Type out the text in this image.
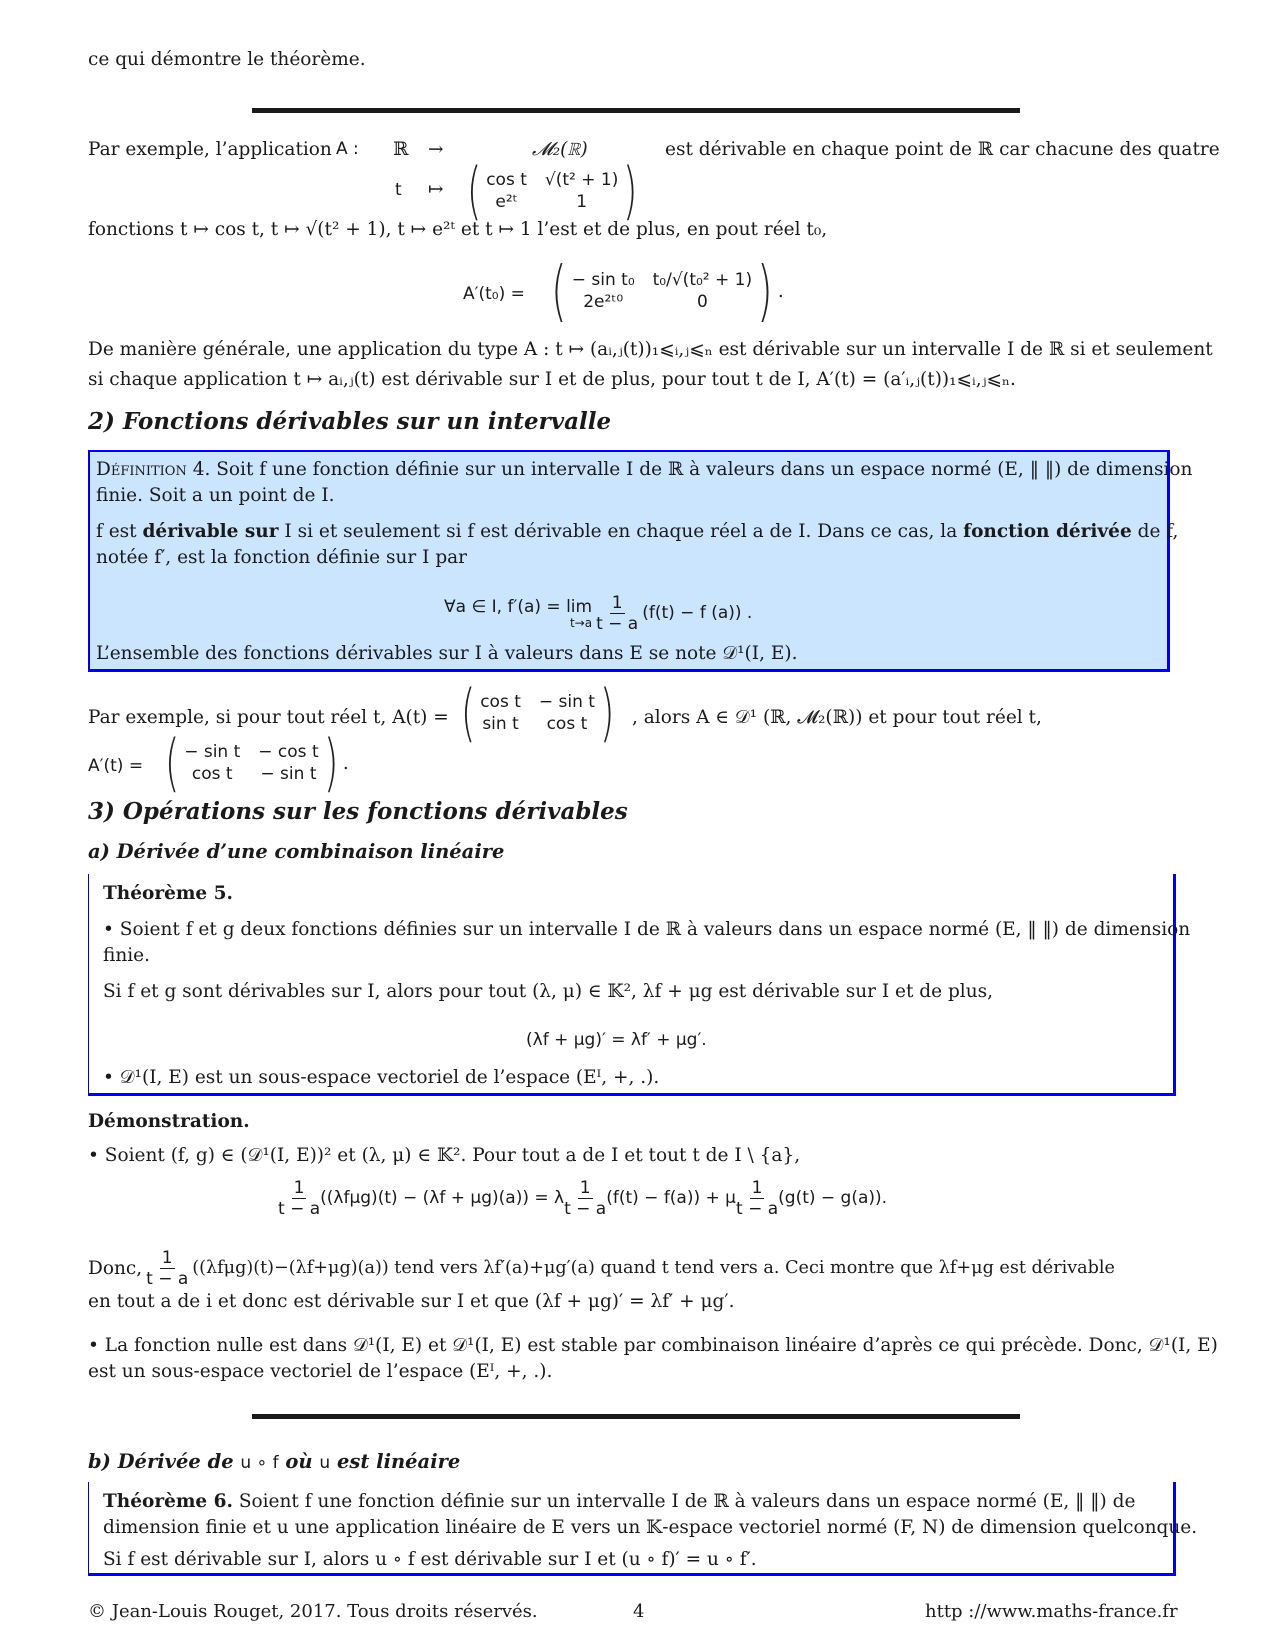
ce qui démontre le théorème.
Par exemple, l’application A : ℝ →	𝓜₂(ℝ)	est dérivable en chaque point de ℝ car chacune des quatre
t ↦ ( cos t √(t² + 1)
e²ᵗ	1 )
fonctions t ↦ cos t, t ↦ √(t² + 1), t ↦ e²ᵗ et t ↦ 1 l’est et de plus, en pout réel t₀,
A′(t₀) = ( − sin t₀ t₀/√(t₀² + 1)
2e²ᵗ⁰	0 ) .
De manière générale, une application du type A : t ↦ (aᵢ,ⱼ(t))₁⩽ᵢ,ⱼ⩽ₙ est dérivable sur un intervalle I de ℝ si et seulement
si chaque application t ↦ aᵢ,ⱼ(t) est dérivable sur I et de plus, pour tout t de I, A′(t) = (a′ᵢ,ⱼ(t))₁⩽ᵢ,ⱼ⩽ₙ.
2) Fonctions dérivables sur un intervalle
Définition 4. Soit f une fonction définie sur un intervalle I de ℝ à valeurs dans un espace normé (E, ‖ ‖) de dimension
finie. Soit a un point de I.
f est dérivable sur I si et seulement si f est dérivable en chaque réel a de I. Dans ce cas, la fonction dérivée de f,
notée f′, est la fonction définie sur I par
∀a ∈ I, f′(a) = lim
$t\to a \frac{1}{t - a} (f(t) - f$ (a)) .
L’ensemble des fonctions dérivables sur I à valeurs dans E se note 𝒟¹(I, E).
Par exemple, si pour tout réel t, A(t) = ( cos t − sin t
sin t	cos t ) , alors A ∈ 𝒟¹ (ℝ, 𝓜₂(ℝ)) et pour tout réel t,
A′(t) = ( − sin t − cos t
cos t	− sin t ) .
3) Opérations sur les fonctions dérivables
a) Dérivée d’une combinaison linéaire
Théorème 5.
• Soient f et g deux fonctions définies sur un intervalle I de ℝ à valeurs dans un espace normé (E, ‖ ‖) de dimension
finie.
Si f et g sont dérivables sur I, alors pour tout (λ, μ) ∈ 𝕂², λf + μg est dérivable sur I et de plus,
(λf + μg)′ = λf′ + μg′.
• 𝒟¹(I, E) est un sous-espace vectoriel de l’espace (Eᴵ, +, .).
Démonstration.
• Soient (f, g) ∈ (𝒟¹(I, E))² et (λ, μ) ∈ 𝕂². Pour tout a de I et tout t de I \ {a},
$\frac{1}{t - a} ((\lambda f\mu g)(t) - (\lambda f + \mu g)(a)) = \lambda \frac{1}{t - a} (f(t) - f(a)) + \mu \frac{1}{t - a} (g(t) - g(a))$.
Donc, $\frac{1}{t - a} ((\lambda f\mu g)(t)-(\lambda f+\mu g)(a))$ tend vers λf′(a)+μg′(a) quand t tend vers a. Ceci montre que λf+μg est dérivable
en tout a de i et donc est dérivable sur I et que (λf + μg)′ = λf′ + μg′.
• La fonction nulle est dans 𝒟¹(I, E) et 𝒟¹(I, E) est stable par combinaison linéaire d’après ce qui précède. Donc, 𝒟¹(I, E)
est un sous-espace vectoriel de l’espace (Eᴵ, +, .).
b) Dérivée de u ∘ f où u est linéaire
Théorème 6. Soient f une fonction définie sur un intervalle I de ℝ à valeurs dans un espace normé (E, ‖ ‖) de
dimension finie et u une application linéaire de E vers un 𝕂-espace vectoriel normé (F, N) de dimension quelconque.
Si f est dérivable sur I, alors u ∘ f est dérivable sur I et (u ∘ f)′ = u ∘ f′.
© Jean-Louis Rouget, 2017. Tous droits réservés.	4	http ://www.maths-france.fr
